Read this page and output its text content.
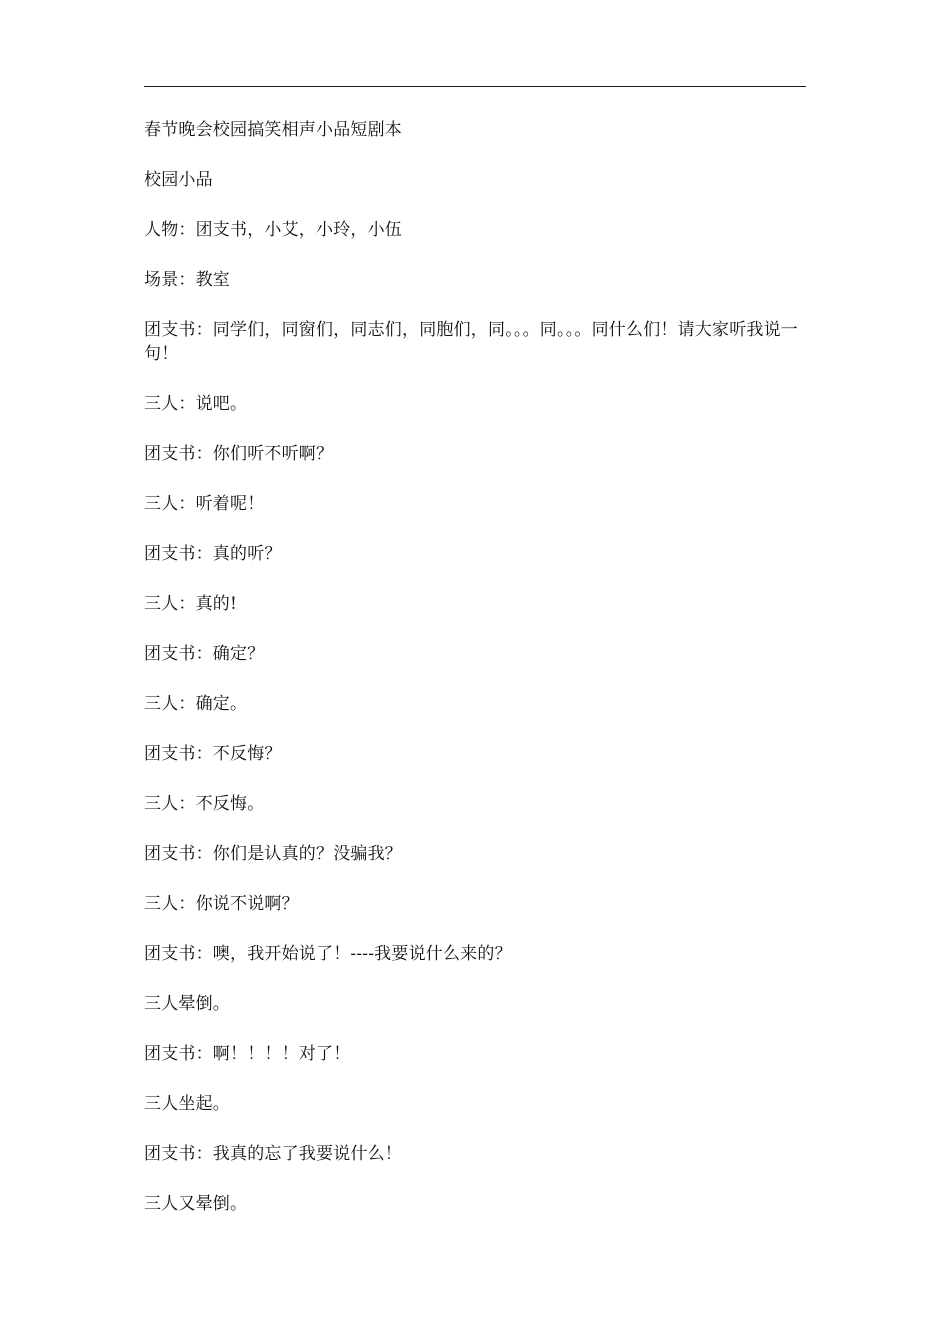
春节晚会校园搞笑相声小品短剧本

校园小品

人物：团支书，小艾，小玲，小伍

场景：教室

团支书：同学们，同窗们，同志们，同胞们，同。。。同。。。同什么们！请大家听我说一句！

三人：说吧。

团支书：你们听不听啊？

三人：听着呢！

团支书：真的听？

三人：真的!

团支书：确定？

三人：确定。

团支书：不反悔？

三人：不反悔。

团支书：你们是认真的？没骗我？

三人：你说不说啊？

团支书：噢，我开始说了！----我要说什么来的？

三人晕倒。

团支书：啊！！！！对了！

三人坐起。

团支书：我真的忘了我要说什么！

三人又晕倒。
